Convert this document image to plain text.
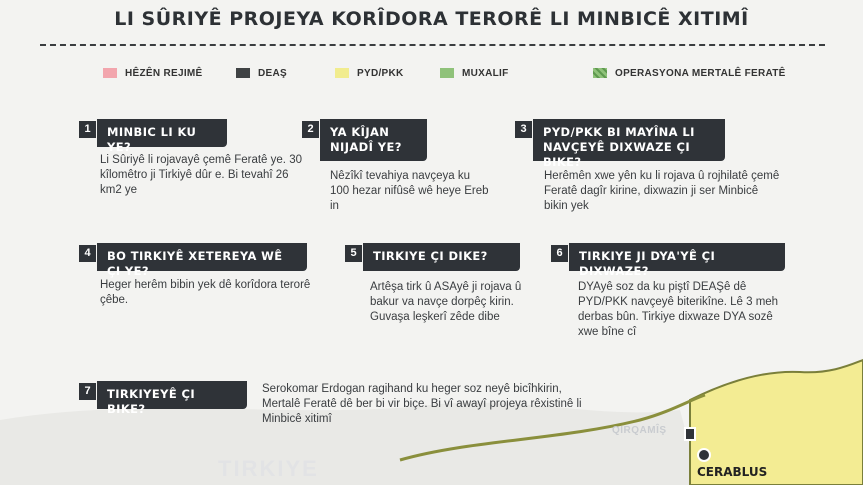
LI SÛRIYÊ PROJEYA KORÎDORA TERORÊ LI MINBICÊ XITIMÎ
HÊZÊN REJIMÊ	DEAŞ	PYD/PKK	MUXALIF	OPERASYONA MERTALÊ FERATÊ
1	MINBIC LI KU YE?
Li Sûriyê li rojavayê çemê Feratê ye. 30 kîlomêtro ji Tirkiyê dûr e. Bi tevahî 26 km2 ye
2	YA KÎJAN NIJADÎ YE?
Nêzîkî tevahiya navçeya ku 100 hezar nifûsê wê heye Ereb in
3	PYD/PKK BI MAYÎNA LI NAVÇEYÊ DIXWAZE ÇI BIKE?
Herêmên xwe yên ku li rojava û rojhilatê çemê Feratê dagîr kirine, dixwazin ji ser Minbicê bikin yek
4	BO TIRKIYÊ XETEREYA WÊ ÇI YE?
Heger herêm bibin yek dê korîdora terorê çêbe.
5	TIRKIYE ÇI DIKE?
Artêşa tirk û ASAyê ji rojava û bakur va navçe dorpêç kirin. Guvaşa leşkerî zêde dibe
6	TIRKIYE JI DYA'YÊ ÇI DIXWAZE?
DYAyê soz da ku piştî DEAŞê dê PYD/PKK navçeyê biterikîne. Lê 3 meh derbas bûn. Tirkiye dixwaze DYA sozê xwe bîne cî
7	TIRKIYEYÊ ÇI BIKE?
Serokomar Erdogan ragihand ku heger soz neyê bicîhkirin, Mertalê Feratê dê ber bi vir biçe. Bi vî awayî projeya rêxistinê li Minbicê xitimî
QIRQAMÎŞ
TIRKIYE	CERABLUS
